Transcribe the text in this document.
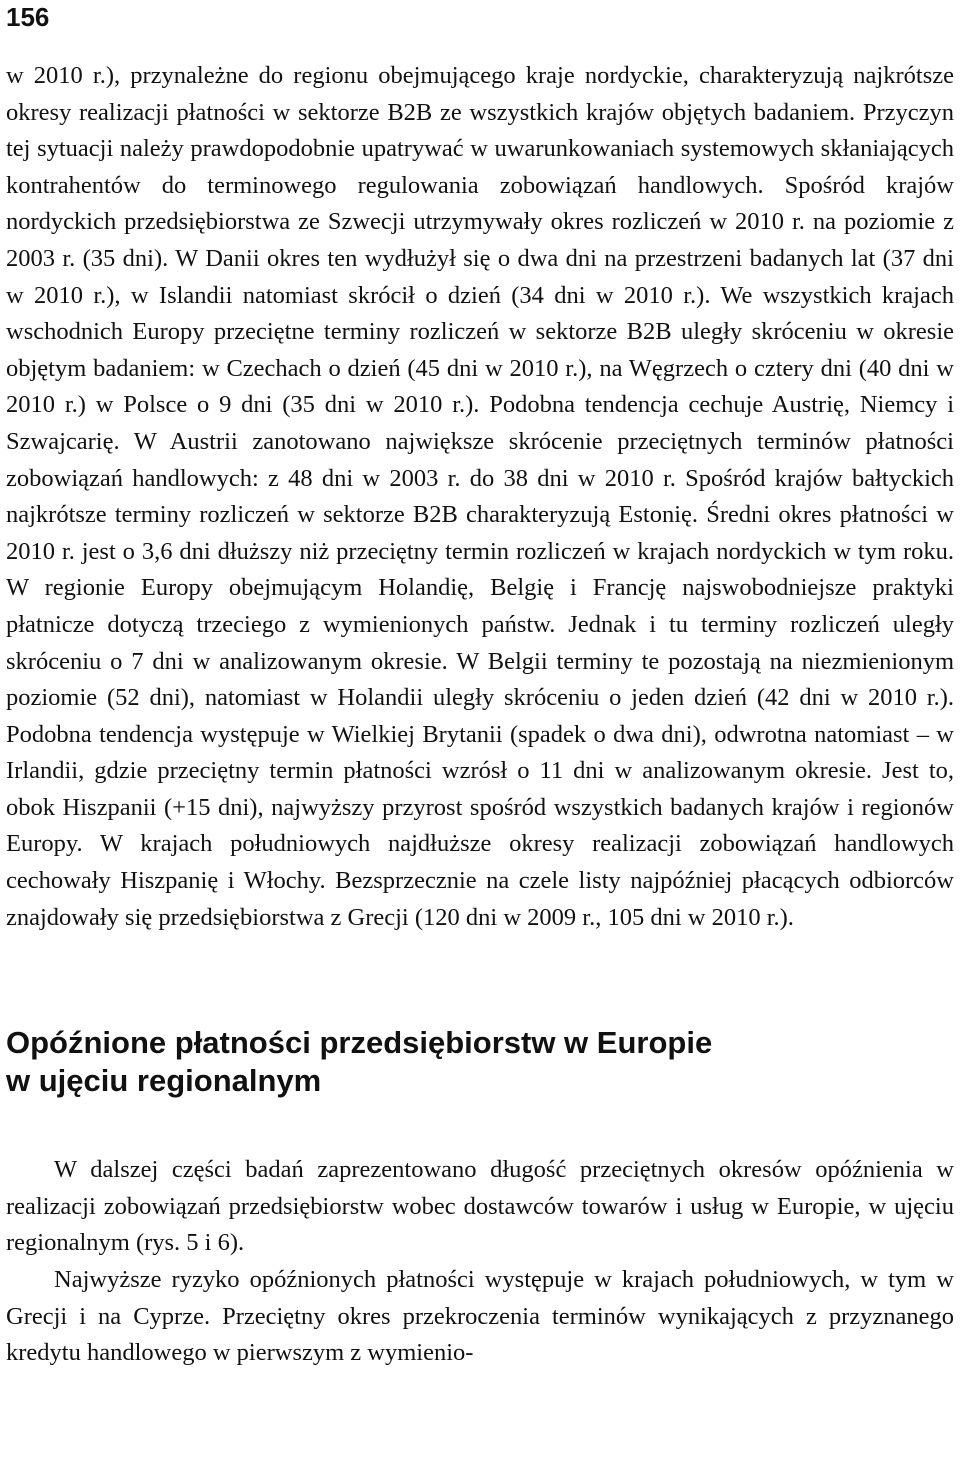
156

w 2010 r.), przynależne do regionu obejmującego kraje nordyckie, charakteryzują najkrótsze okresy realizacji płatności w sektorze B2B ze wszystkich krajów objętych badaniem. Przyczyn tej sytuacji należy prawdopodobnie upatrywać w uwarunkowaniach systemowych skłaniających kontrahentów do terminowego regulowania zobowiązań handlowych. Spośród krajów nordyckich przedsiębiorstwa ze Szwecji utrzymywały okres rozliczeń w 2010 r. na poziomie z 2003 r. (35 dni). W Danii okres ten wydłużył się o dwa dni na przestrzeni badanych lat (37 dni w 2010 r.), w Islandii natomiast skrócił o dzień (34 dni w 2010 r.). We wszystkich krajach wschodnich Europy przeciętne terminy rozliczeń w sektorze B2B uległy skróceniu w okresie objętym badaniem: w Czechach o dzień (45 dni w 2010 r.), na Węgrzech o cztery dni (40 dni w 2010 r.) w Polsce o 9 dni (35 dni w 2010 r.). Podobna tendencja cechuje Austrię, Niemcy i Szwajcarię. W Austrii zanotowano największe skrócenie przeciętnych terminów płatności zobowiązań handlowych: z 48 dni w 2003 r. do 38 dni w 2010 r. Spośród krajów bałtyckich najkrótsze terminy rozliczeń w sektorze B2B charakteryzują Estonię. Średni okres płatności w 2010 r. jest o 3,6 dni dłuższy niż przeciętny termin rozliczeń w krajach nordyckich w tym roku. W regionie Europy obejmującym Holandię, Belgię i Francję najswobodniejsze praktyki płatnicze dotyczą trzeciego z wymienionych państw. Jednak i tu terminy rozliczeń uległy skróceniu o 7 dni w analizowanym okresie. W Belgii terminy te pozostają na niezmienionym poziomie (52 dni), natomiast w Holandii uległy skróceniu o jeden dzień (42 dni w 2010 r.). Podobna tendencja występuje w Wielkiej Brytanii (spadek o dwa dni), odwrotna natomiast – w Irlandii, gdzie przeciętny termin płatności wzrósł o 11 dni w analizowanym okresie. Jest to, obok Hiszpanii (+15 dni), najwyższy przyrost spośród wszystkich badanych krajów i regionów Europy. W krajach południowych najdłuższe okresy realizacji zobowiązań handlowych cechowały Hiszpanię i Włochy. Bezsprzecznie na czele listy najpóźniej płacących odbiorców znajdowały się przedsiębiorstwa z Grecji (120 dni w 2009 r., 105 dni w 2010 r.).

Opóźnione płatności przedsiębiorstw w Europie
w ujęciu regionalnym

W dalszej części badań zaprezentowano długość przeciętnych okresów opóźnienia w realizacji zobowiązań przedsiębiorstw wobec dostawców towarów i usług w Europie, w ujęciu regionalnym (rys. 5 i 6).

Najwyższe ryzyko opóźnionych płatności występuje w krajach południowych, w tym w Grecji i na Cyprze. Przeciętny okres przekroczenia terminów wynikających z przyznanego kredytu handlowego w pierwszym z wymienio-
